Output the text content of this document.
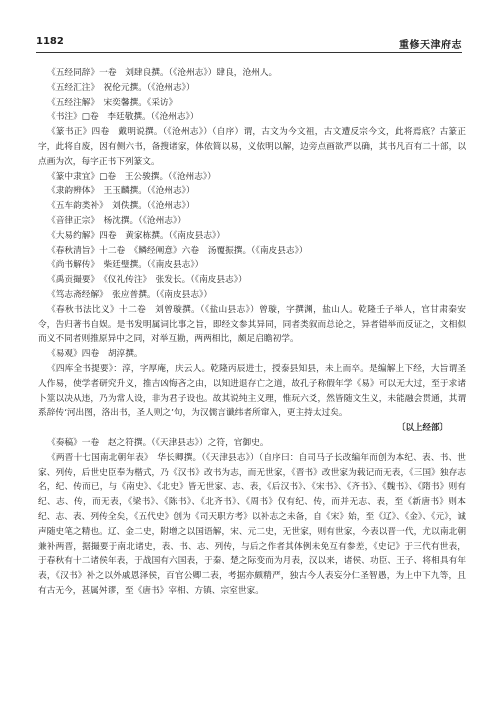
1182	重修天津府志

《五经同辞》一卷　刘肆良撰。（《沧州志》）肆良，沧州人。

《五经汇注》　祝伦元撰。（《沧州志》）

《五经注解》　宋奕馨撰。《采访》

《书注》□卷　李廷敬撰。（《沧州志》）

《篆书正》四卷　戴明说撰。（《沧州志》）（自序）谓，古文为今文祖，古文遭反宗今文，此将焉底？古篆正字，此将自废，因有侧六书，备搜诸家，体依简以易，义依明以解，边旁点画欲严以确，其书凡百有二十部，以点画为次，每字正书下列篆文。

《篆中隶宜》□卷　王公骏撰。（《沧州志》）

《隶韵辨体》　王玉麟撰。（《沧州志》）

《五车韵类补》　刘佚撰。（《沧州志》）

《音律正宗》　杨沈撰。（《沧州志》）

《大易约解》四卷　黄家栋撰。（《南皮县志》）

《春秋清旨》十二卷　《鳞经阐意》六卷　汤覆振撰。（《南皮县志》）

《尚书解传》　柴廷璧撰。（《南皮县志》）

《禹贡撮要》　《仪礼传注》　张发长。（《南皮县志》）

《笃志斋经解》　张应普撰。（《南皮县志》）

《春秋书法比义》十二卷　刘曾璇撰。（《盐山县志》）曾璇，字撰渊，盐山人。乾隆壬子举人，官甘肃秦安令，告归著书自娱。是书发明属词比事之旨，即经文参其异同，同者类叙而总论之，异者错举而反证之，文相似而义不同者则推原异中之同，对举互勘，两两相比，颇足启瞻初学。

《易观》四卷　胡淳撰。

《四库全书提要》：淳，字厚庵，庆云人。乾隆丙辰进士，授泰县知县，未上而卒。是编解上下经，大旨谓圣人作易，使学者研究升义，推吉凶悔吝之由，以知进退存亡之道，故孔子称假年学《易》可以无大过，至于求诸卜筮以决从违，乃为常人设，非为君子设也。故其说纯主义理，惟玩六爻，然皆随文生义，未能融会贯通，其谓系辞传‘河出图，洛出书，圣人则之’句，为汉儒言谶纬者所窜入，更主持太过矣。

〔以上经部〕

《奏稿》一卷　赵之符撰。（《天津县志》）之符，官御史。

《两晋十七国南北朝年表》　华长卿撰。（《天津县志》）（自序曰：自司马子长改编年而创为本纪、表、书、世家、列传，后世史臣奉为楷式，乃《汉书》改书为志，而无世家，《晋书》改世家为载记而无表，《三国》独存志名，纪、传而已，与《南史》、《北史》皆无世家、志、表，《后汉书》、《宋书》、《齐书》、《魏书》、《隋书》则有纪、志、传，而无表，《梁书》、《陈书》、《北齐书》、《周书》仅有纪、传，而并无志、表，至《新唐书》则本纪、志、表、列传全矣，《五代史》创为《司天职方考》以补志之未备，自《宋》始，至《辽》、《金》、《元》，诚声随史笔之精也。辽、金二史，附增之以国语解，宋、元二史，无世家，则有世家，今表以晋一代，尤以南北朝兼补两晋，据撮要于南北诸史，表、书、志、列传，与后之作者其体例未免互有参差，《史记》于三代有世表，于春秋有十二诸侯年表，于战国有六国表，于秦、楚之际变而为月表，汉以来，诸侯、功臣、王子、将相具有年表，《汉书》补之以外戚恩泽侯，百官公卿二表，考据亦颇精严，独古今人表妄分仁圣智愚，为上中下九等，且有古无今，甚属舛谬，至《唐书》宰相、方镇、宗室世家。
